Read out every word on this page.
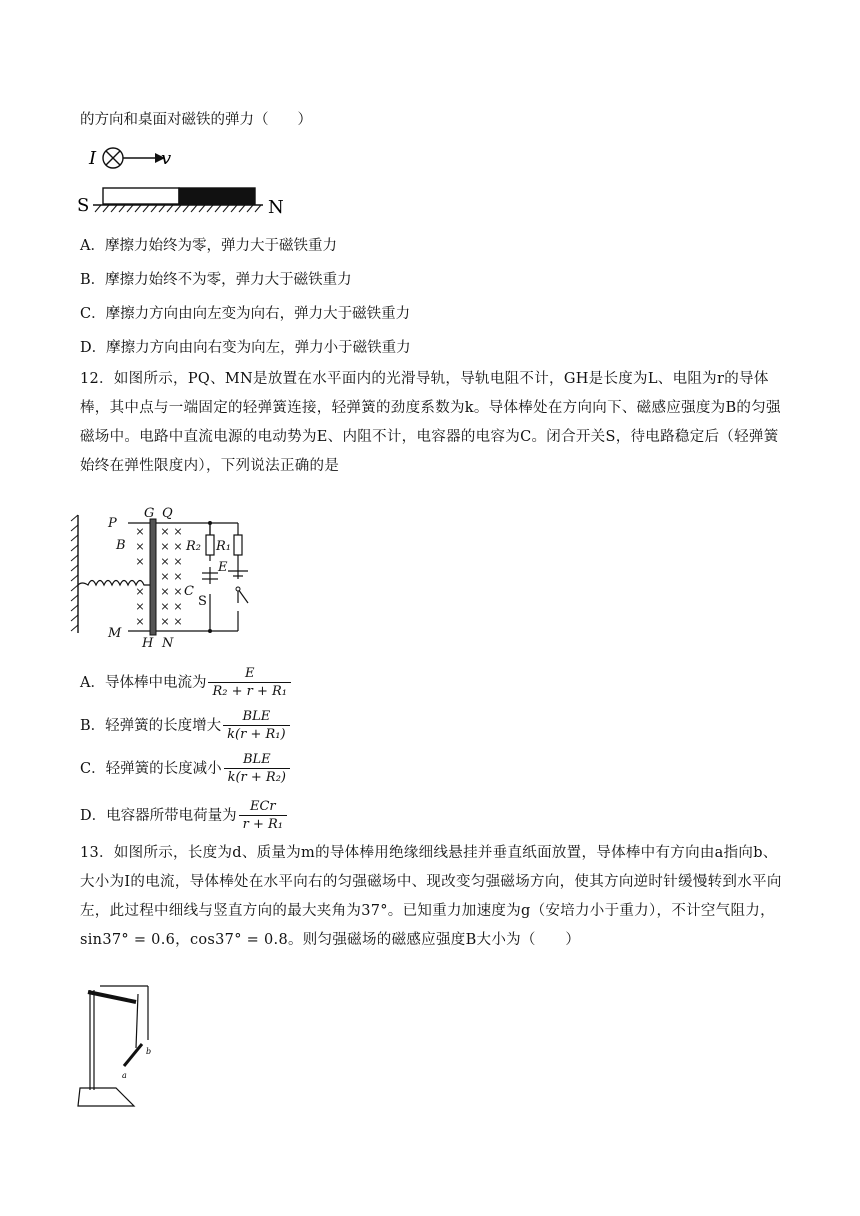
的方向和桌面对磁铁的弹力（　　）
I	v
S	N
A．摩擦力始终为零，弹力大于磁铁重力
B．摩擦力始终不为零，弹力大于磁铁重力
C．摩擦力方向由向左变为向右，弹力大于磁铁重力
D．摩擦力方向由向右变为向左，弹力小于磁铁重力
12．如图所示，PQ、MN是放置在水平面内的光滑导轨，导轨电阻不计，GH是长度为L、电阻为r的导体棒，其中点与一端固定的轻弹簧连接，轻弹簧的劲度系数为k。导体棒处在方向向下、磁感应强度为B的匀强磁场中。电路中直流电源的电动势为E、内阻不计，电容器的电容为C。闭合开关S，待电路稳定后（轻弹簧始终在弹性限度内），下列说法正确的是
× × ×
× × ×
× × ×
× ×
× × ×
× × ×
× × ×
P
G Q
B	R₂ R₁
E
C
M
H N
S
A．导体棒中电流为 $\frac{E}{\text{R₂ + r + R₁}}$
B．轻弹簧的长度增大 $\frac{\text{BLE}}{\text{k(r + R₁)}}$
C．轻弹簧的长度减小 $\frac{\text{BLE}}{\text{k(r + R₂)}}$
D．电容器所带电荷量为 $\frac{\text{ECr}}{\text{r + R₁}}$
13．如图所示，长度为d、质量为m的导体棒用绝缘细线悬挂并垂直纸面放置，导体棒中有方向由a指向b、大小为I的电流，导体棒处在水平向右的匀强磁场中、现改变匀强磁场方向，使其方向逆时针缓慢转到水平向左，此过程中细线与竖直方向的最大夹角为37°。已知重力加速度为g（安培力小于重力），不计空气阻力，sin37° = 0.6，cos37° = 0.8。则匀强磁场的磁感应强度B大小为（　　）
b
a
